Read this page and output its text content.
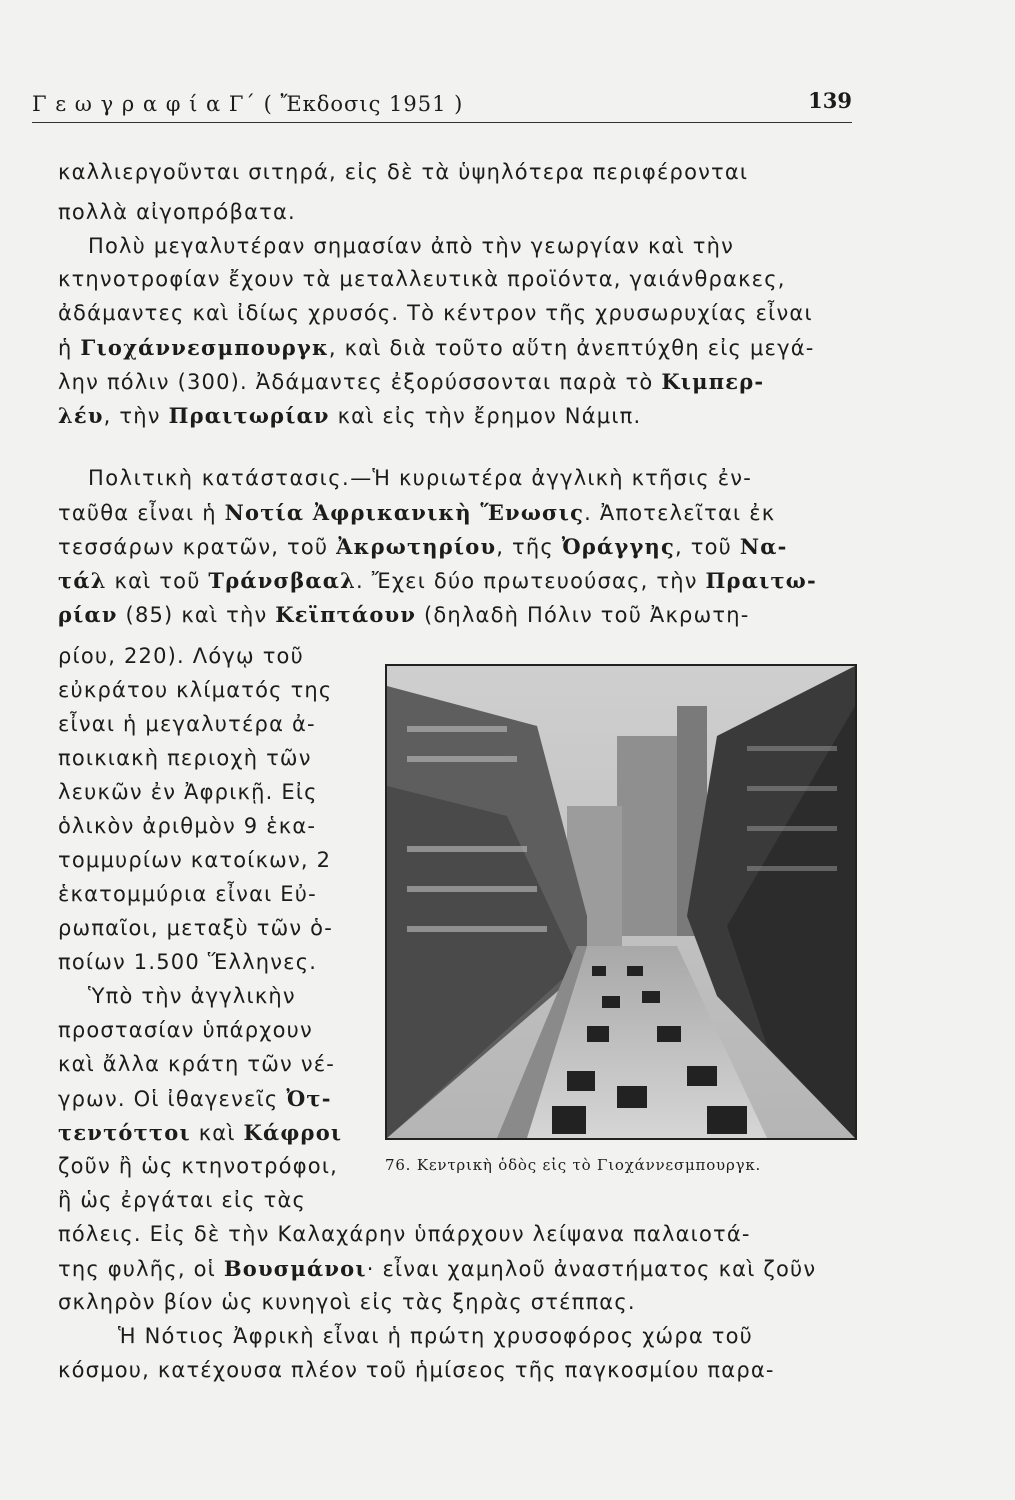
Γ ε ω γ ρ α φ ί α Γ΄ ( Ἔκδοσις 1951 )	139

καλλιεργοῦνται σιτηρά, εἰς δὲ τὰ ὑψηλότερα περιφέρονται

πολλὰ αἰγοπρόβατα.

Πολὺ μεγαλυτέραν σημασίαν ἀπὸ τὴν γεωργίαν καὶ τὴν

κτηνοτροφίαν ἔχουν τὰ μεταλλευτικὰ προϊόντα, γαιάνθρακες,

ἀδάμαντες καὶ ἰδίως χρυσός. Τὸ κέντρον τῆς χρυσωρυχίας εἶναι

ἡ Γιοχάννεσμπουργκ, καὶ διὰ τοῦτο αὕτη ἀνεπτύχθη εἰς μεγά-

λην πόλιν (300). Ἀδάμαντες ἐξορύσσονται παρὰ τὸ Κιμπερ-

λέυ, τὴν Πραιτωρίαν καὶ εἰς τὴν ἔρημον Νάμιπ.

Πολιτικὴ κατάστασις.—Ἡ κυριωτέρα ἀγγλικὴ κτῆσις ἐν-

ταῦθα εἶναι ἡ Νοτία Ἀφρικανικὴ Ἕνωσις. Ἀποτελεῖται ἐκ

τεσσάρων κρατῶν, τοῦ Ἀκρωτηρίου, τῆς Ὀράγγης, τοῦ Να-

τάλ καὶ τοῦ Τράνσβααλ. Ἔχει δύο πρωτευούσας, τὴν Πραιτω-

ρίαν (85) καὶ τὴν Κεϊπτάουν (δηλαδὴ Πόλιν τοῦ Ἀκρωτη-

ρίου, 220). Λόγῳ τοῦ

εὐκράτου κλίματός της

εἶναι ἡ μεγαλυτέρα ἀ-

ποικιακὴ περιοχὴ τῶν

λευκῶν ἐν Ἀφρικῇ. Εἰς

ὁλικὸν ἀριθμὸν 9 ἑκα-

τομμυρίων κατοίκων, 2

ἑκατομμύρια εἶναι Εὐ-

ρωπαῖοι, μεταξὺ τῶν ὁ-

ποίων 1.500 Ἕλληνες.

Ὑπὸ τὴν ἀγγλικὴν

προστασίαν ὑπάρχουν

καὶ ἄλλα κράτη τῶν νέ-

γρων. Οἱ ἰθαγενεῖς Ὀτ-

τεντόττοι καὶ Κάφροι

ζοῦν ἢ ὡς κτηνοτρόφοι,

ἢ ὡς ἐργάται εἰς τὰς

πόλεις. Εἰς δὲ τὴν Καλαχάρην ὑπάρχουν λείψανα παλαιοτά-

της φυλῆς, οἱ Βουσμάνοι· εἶναι χαμηλοῦ ἀναστήματος καὶ ζοῦν

σκληρὸν βίον ὡς κυνηγοὶ εἰς τὰς ξηρὰς στέππας.

Ἡ Νότιος Ἀφρικὴ εἶναι ἡ πρώτη χρυσοφόρος χώρα τοῦ

κόσμου, κατέχουσα πλέον τοῦ ἡμίσεος τῆς παγκοσμίου παρα-

76. Κεντρικὴ ὁδὸς εἰς τὸ Γιοχάννεσμπουργκ.
